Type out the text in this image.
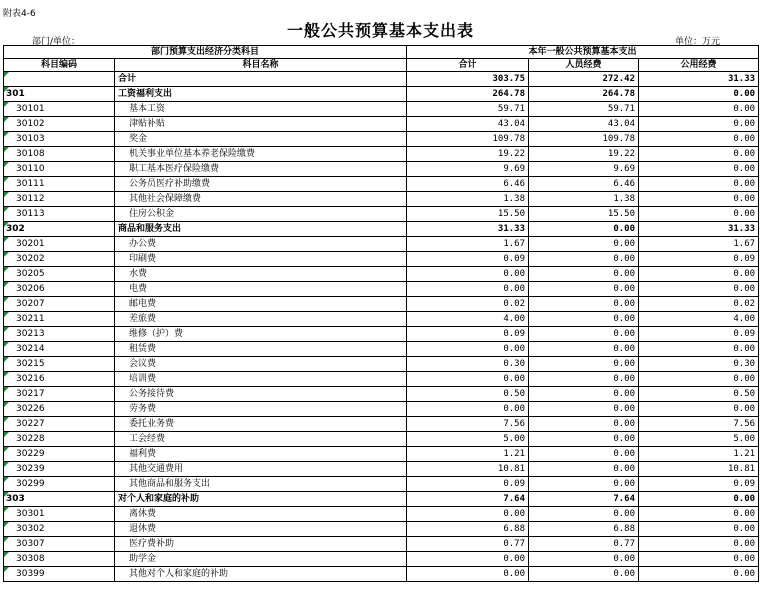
附表4-6
一般公共预算基本支出表
部门/单位：	单位：万元
部门预算支出经济分类科目		本年一般公共预算基本支出		
科目编码	科目名称	合计	人员经费	公用经费
	合计	303.75	272.42	31.33
301	工资福利支出	264.78	264.78	0.00
30101	基本工资	59.71	59.71	0.00
30102	津贴补贴	43.04	43.04	0.00
30103	奖金	109.78	109.78	0.00
30108	机关事业单位基本养老保险缴费	19.22	19.22	0.00
30110	职工基本医疗保险缴费	9.69	9.69	0.00
30111	公务员医疗补助缴费	6.46	6.46	0.00
30112	其他社会保障缴费	1.38	1.38	0.00
30113	住房公积金	15.50	15.50	0.00
302	商品和服务支出	31.33	0.00	31.33
30201	办公费	1.67	0.00	1.67
30202	印刷费	0.09	0.00	0.09
30205	水费	0.00	0.00	0.00
30206	电费	0.00	0.00	0.00
30207	邮电费	0.02	0.00	0.02
30211	差旅费	4.00	0.00	4.00
30213	维修（护）费	0.09	0.00	0.09
30214	租赁费	0.00	0.00	0.00
30215	会议费	0.30	0.00	0.30
30216	培训费	0.00	0.00	0.00
30217	公务接待费	0.50	0.00	0.50
30226	劳务费	0.00	0.00	0.00
30227	委托业务费	7.56	0.00	7.56
30228	工会经费	5.00	0.00	5.00
30229	福利费	1.21	0.00	1.21
30239	其他交通费用	10.81	0.00	10.81
30299	其他商品和服务支出	0.09	0.00	0.09
303	对个人和家庭的补助	7.64	7.64	0.00
30301	离休费	0.00	0.00	0.00
30302	退休费	6.88	6.88	0.00
30307	医疗费补助	0.77	0.77	0.00
30308	助学金	0.00	0.00	0.00
30399	其他对个人和家庭的补助	0.00	0.00	0.00
